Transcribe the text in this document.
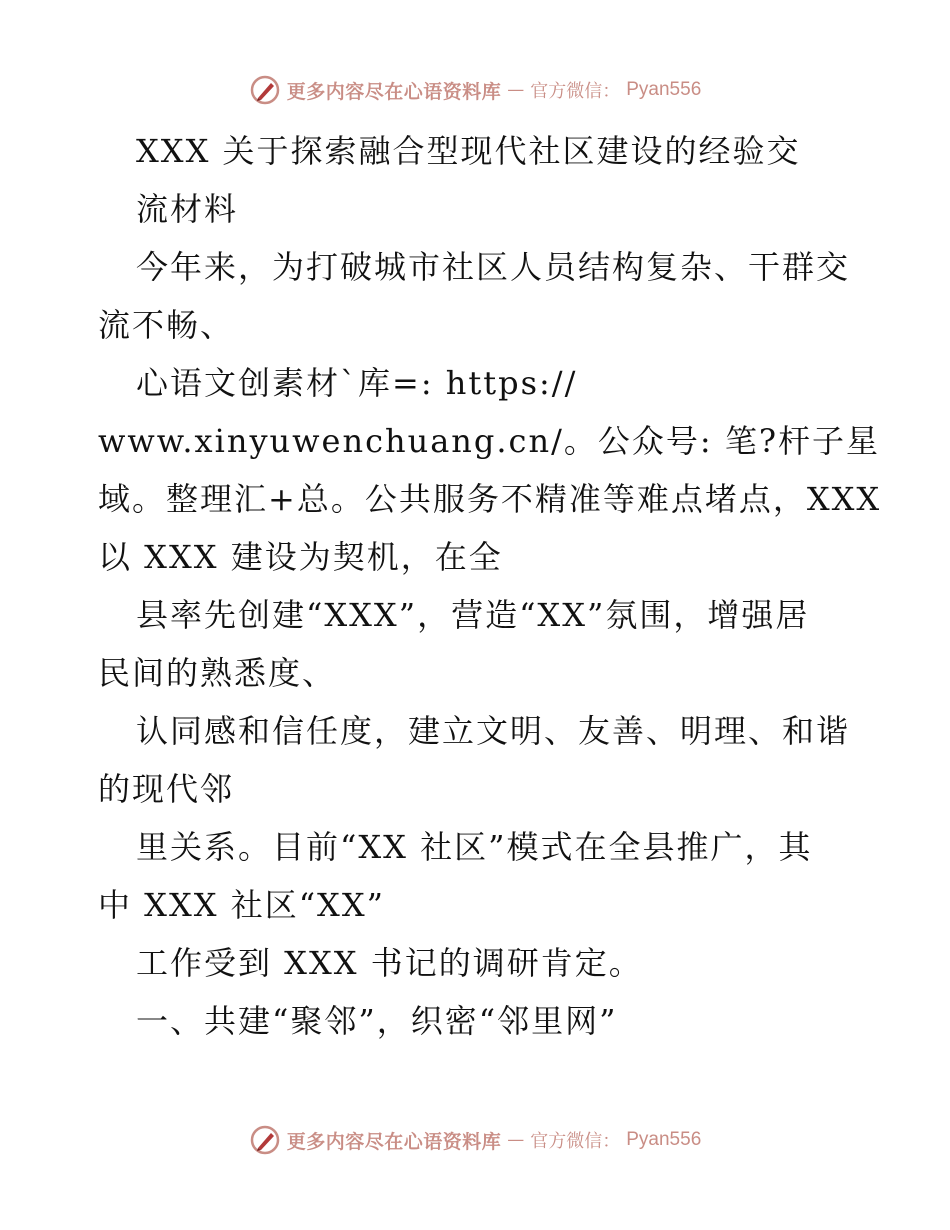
更多内容尽在心语资料库 — 官方微信： Pyan556
XXX 关于探索融合型现代社区建设的经验交
流材料
今年来，为打破城市社区人员结构复杂、干群交
流不畅、
心语文创素材`库=: https://
www.xinyuwenchuang.cn/。公众号: 笔?杆子星
域。整理汇+总。公共服务不精准等难点堵点，XXX
以 XXX 建设为契机，在全
县率先创建“XXX”，营造“XX”氛围，增强居
民间的熟悉度、
认同感和信任度，建立文明、友善、明理、和谐
的现代邻
里关系。目前“XX 社区”模式在全县推广，其
中 XXX 社区“XX”
工作受到 XXX 书记的调研肯定。
一、共建“聚邻”，织密“邻里网”
更多内容尽在心语资料库 — 官方微信： Pyan556
